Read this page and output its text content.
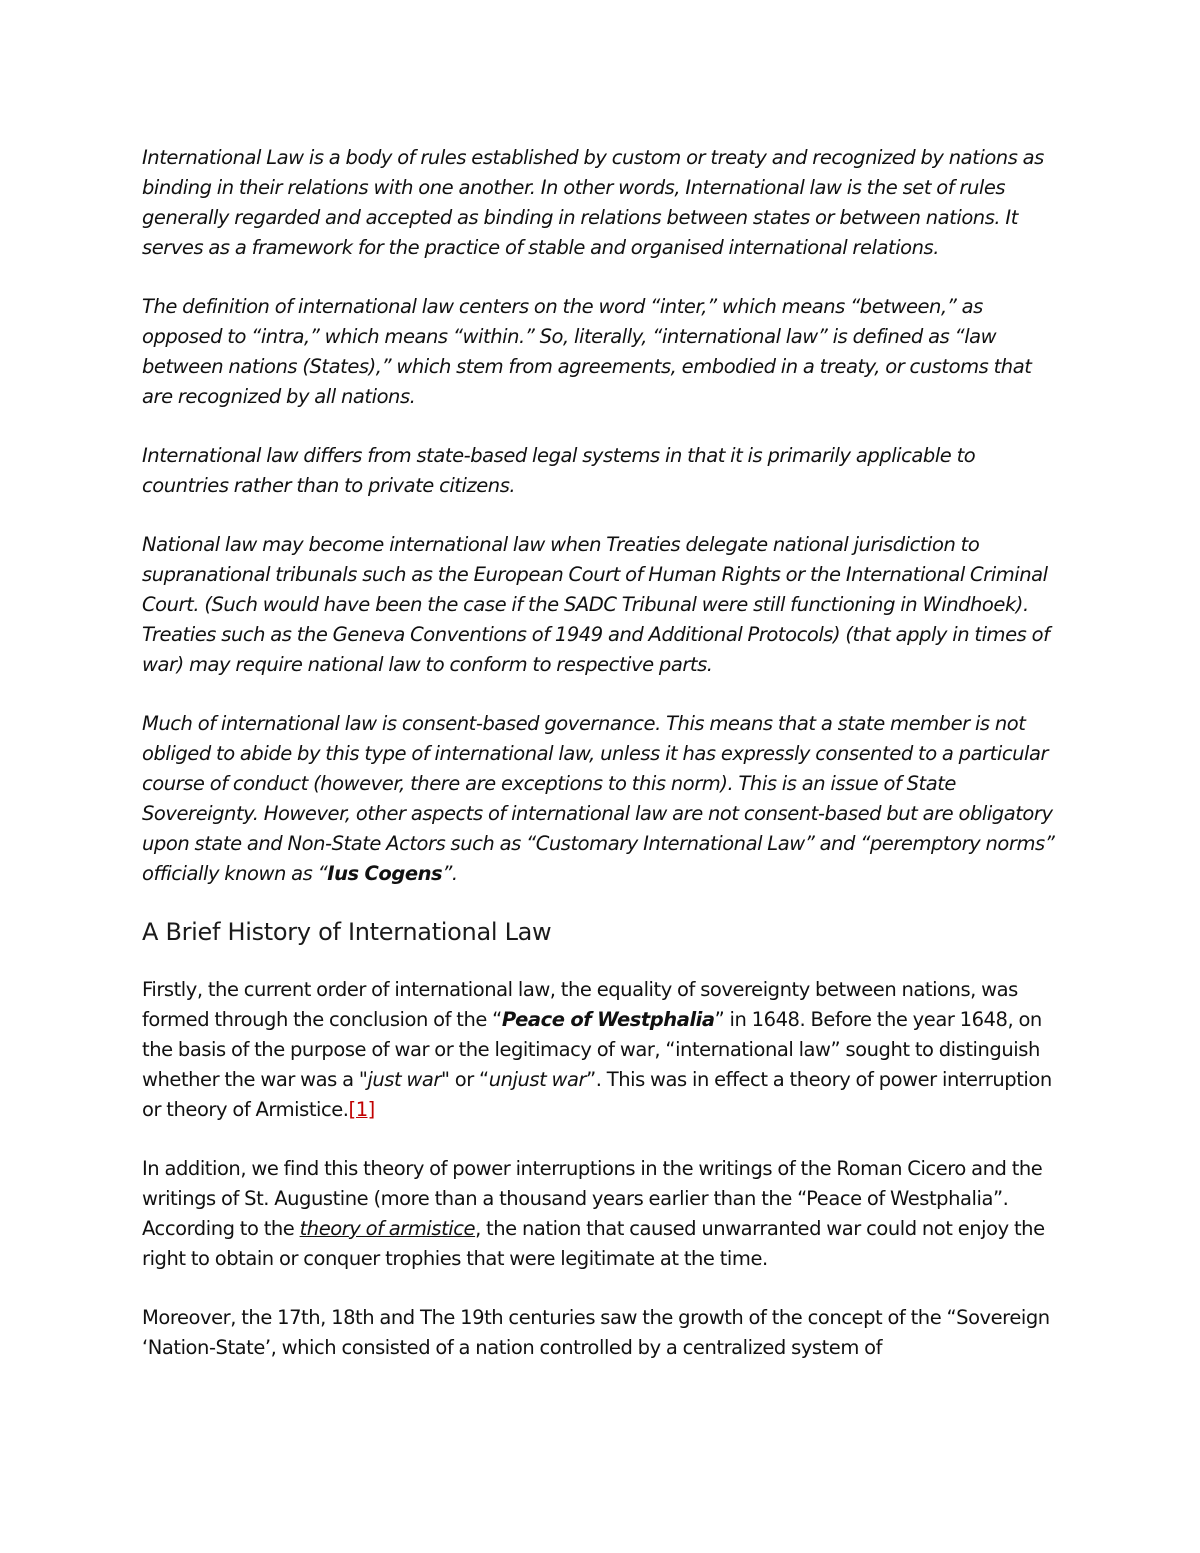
International Law is a body of rules established by custom or treaty and recognized by nations as binding in their relations with one another. In other words, International law is the set of rules generally regarded and accepted as binding in relations between states or between nations. It serves as a framework for the practice of stable and organised international relations.

The definition of international law centers on the word “inter,” which means “between,” as opposed to “intra,” which means “within.” So, literally, “international law” is defined as “law between nations (States),” which stem from agreements, embodied in a treaty, or customs that are recognized by all nations.

International law differs from state-based legal systems in that it is primarily applicable to countries rather than to private citizens.

National law may become international law when Treaties delegate national jurisdiction to supranational tribunals such as the European Court of Human Rights or the International Criminal Court. (Such would have been the case if the SADC Tribunal were still functioning in Windhoek). Treaties such as the Geneva Conventions of 1949 and Additional Protocols) (that apply in times of war) may require national law to conform to respective parts.

Much of international law is consent-based governance. This means that a state member is not obliged to abide by this type of international law, unless it has expressly consented to a particular course of conduct (however, there are exceptions to this norm). This is an issue of State Sovereignty. However, other aspects of international law are not consent-based but are obligatory upon state and Non-State Actors such as “Customary International Law” and “peremptory norms” officially known as “Ius Cogens”.

A Brief History of International Law

Firstly, the current order of international law, the equality of sovereignty between nations, was formed through the conclusion of the “Peace of Westphalia” in 1648. Before the year 1648, on the basis of the purpose of war or the legitimacy of war, “international law” sought to distinguish whether the war was a "just war" or “unjust war”. This was in effect a theory of power interruption or theory of Armistice.[1]

In addition, we find this theory of power interruptions in the writings of the Roman Cicero and the writings of St. Augustine (more than a thousand years earlier than the “Peace of Westphalia”. According to the theory of armistice, the nation that caused unwarranted war could not enjoy the right to obtain or conquer trophies that were legitimate at the time.

Moreover, the 17th, 18th and The 19th centuries saw the growth of the concept of the “Sovereign ‘Nation-State’, which consisted of a nation controlled by a centralized system of
